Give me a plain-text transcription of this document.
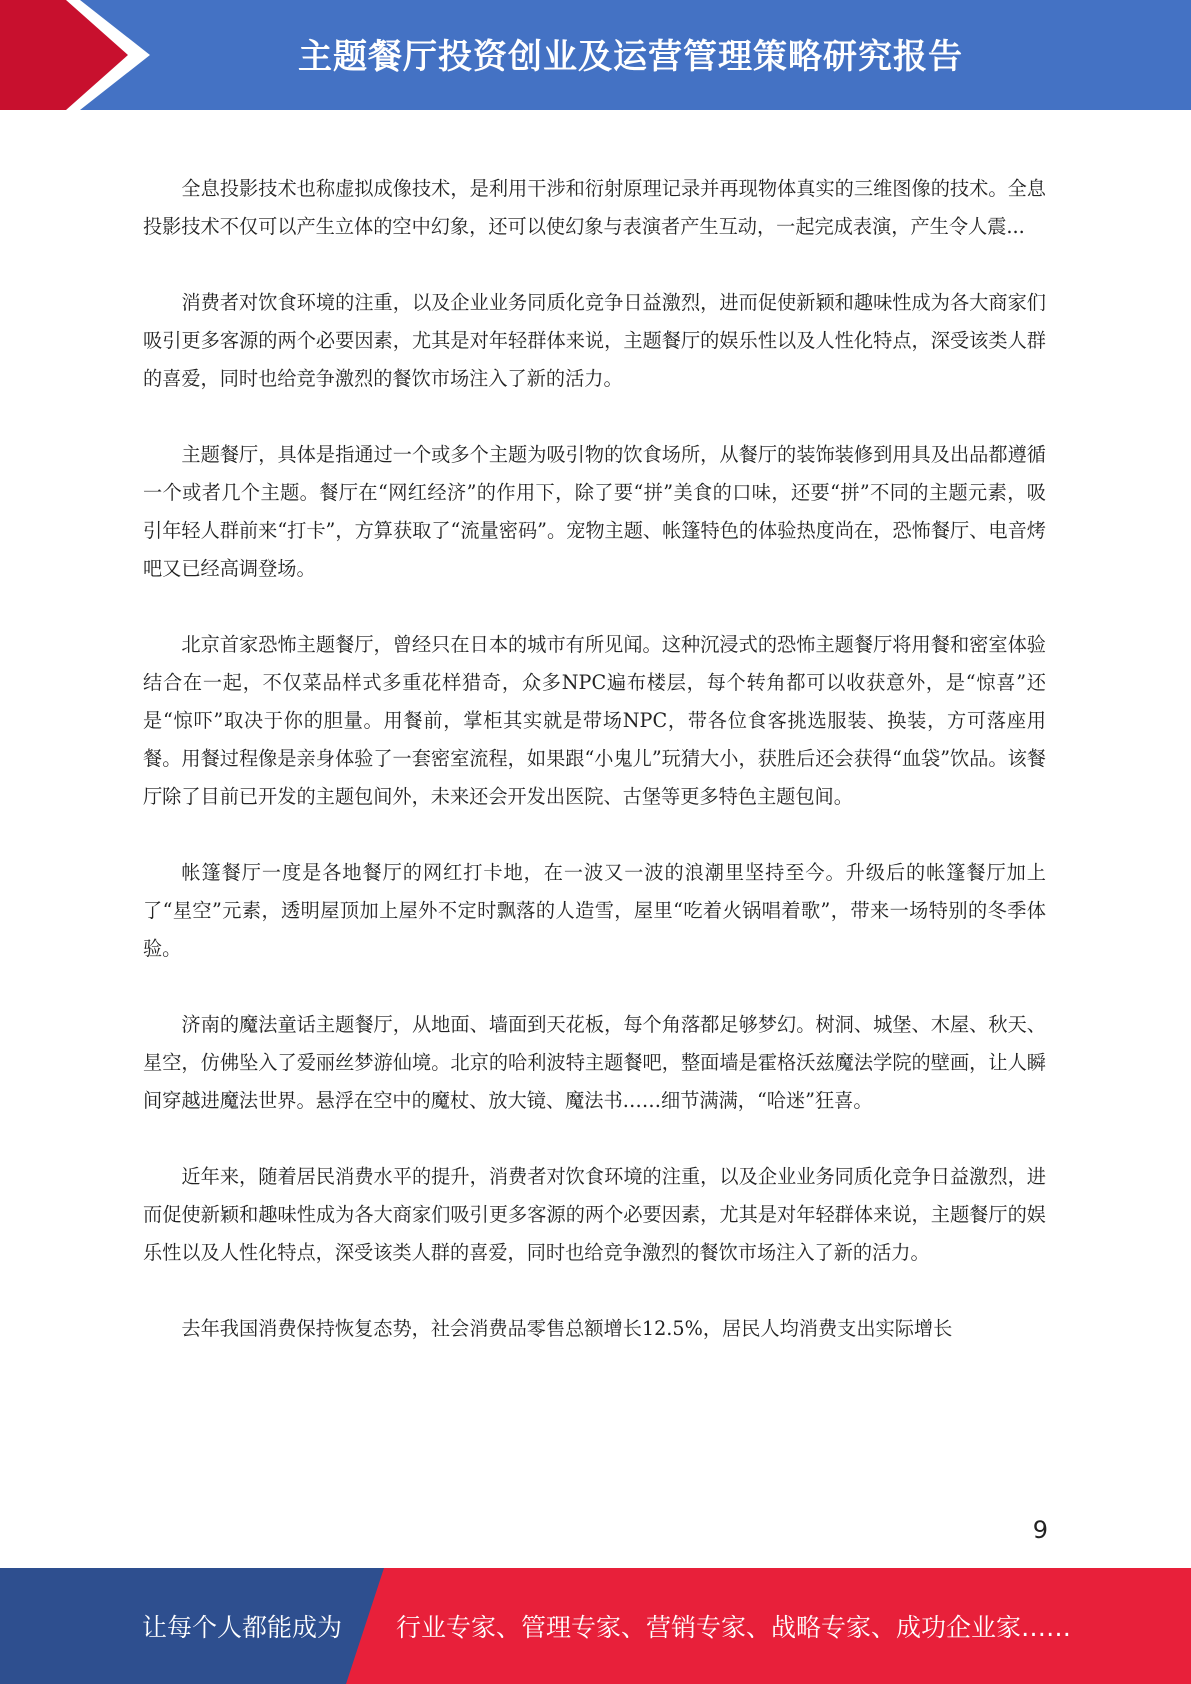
主题餐厅投资创业及运营管理策略研究报告

全息投影技术也称虚拟成像技术，是利用干涉和衍射原理记录并再现物体真实的三维图像的技术。全息投影技术不仅可以产生立体的空中幻象，还可以使幻象与表演者产生互动，一起完成表演，产生令人震...

消费者对饮食环境的注重，以及企业业务同质化竞争日益激烈，进而促使新颖和趣味性成为各大商家们吸引更多客源的两个必要因素，尤其是对年轻群体来说，主题餐厅的娱乐性以及人性化特点，深受该类人群的喜爱，同时也给竞争激烈的餐饮市场注入了新的活力。

主题餐厅，具体是指通过一个或多个主题为吸引物的饮食场所，从餐厅的装饰装修到用具及出品都遵循一个或者几个主题。餐厅在“网红经济”的作用下，除了要“拼”美食的口味，还要“拼”不同的主题元素，吸引年轻人群前来“打卡”，方算获取了“流量密码”。宠物主题、帐篷特色的体验热度尚在，恐怖餐厅、电音烤吧又已经高调登场。

北京首家恐怖主题餐厅，曾经只在日本的城市有所见闻。这种沉浸式的恐怖主题餐厅将用餐和密室体验结合在一起，不仅菜品样式多重花样猎奇，众多NPC遍布楼层，每个转角都可以收获意外，是“惊喜”还是“惊吓”取决于你的胆量。用餐前，掌柜其实就是带场NPC，带各位食客挑选服装、换装，方可落座用餐。用餐过程像是亲身体验了一套密室流程，如果跟“小鬼儿”玩猜大小，获胜后还会获得“血袋”饮品。该餐厅除了目前已开发的主题包间外，未来还会开发出医院、古堡等更多特色主题包间。

帐篷餐厅一度是各地餐厅的网红打卡地，在一波又一波的浪潮里坚持至今。升级后的帐篷餐厅加上了“星空”元素，透明屋顶加上屋外不定时飘落的人造雪，屋里“吃着火锅唱着歌”，带来一场特别的冬季体验。

济南的魔法童话主题餐厅，从地面、墙面到天花板，每个角落都足够梦幻。树洞、城堡、木屋、秋天、星空，仿佛坠入了爱丽丝梦游仙境。北京的哈利波特主题餐吧，整面墙是霍格沃兹魔法学院的壁画，让人瞬间穿越进魔法世界。悬浮在空中的魔杖、放大镜、魔法书……细节满满，“哈迷”狂喜。

近年来，随着居民消费水平的提升，消费者对饮食环境的注重，以及企业业务同质化竞争日益激烈，进而促使新颖和趣味性成为各大商家们吸引更多客源的两个必要因素，尤其是对年轻群体来说，主题餐厅的娱乐性以及人性化特点，深受该类人群的喜爱，同时也给竞争激烈的餐饮市场注入了新的活力。

去年我国消费保持恢复态势，社会消费品零售总额增长12.5%，居民人均消费支出实际增长

9
让每个人都能成为 行业专家、管理专家、营销专家、战略专家、成功企业家……
